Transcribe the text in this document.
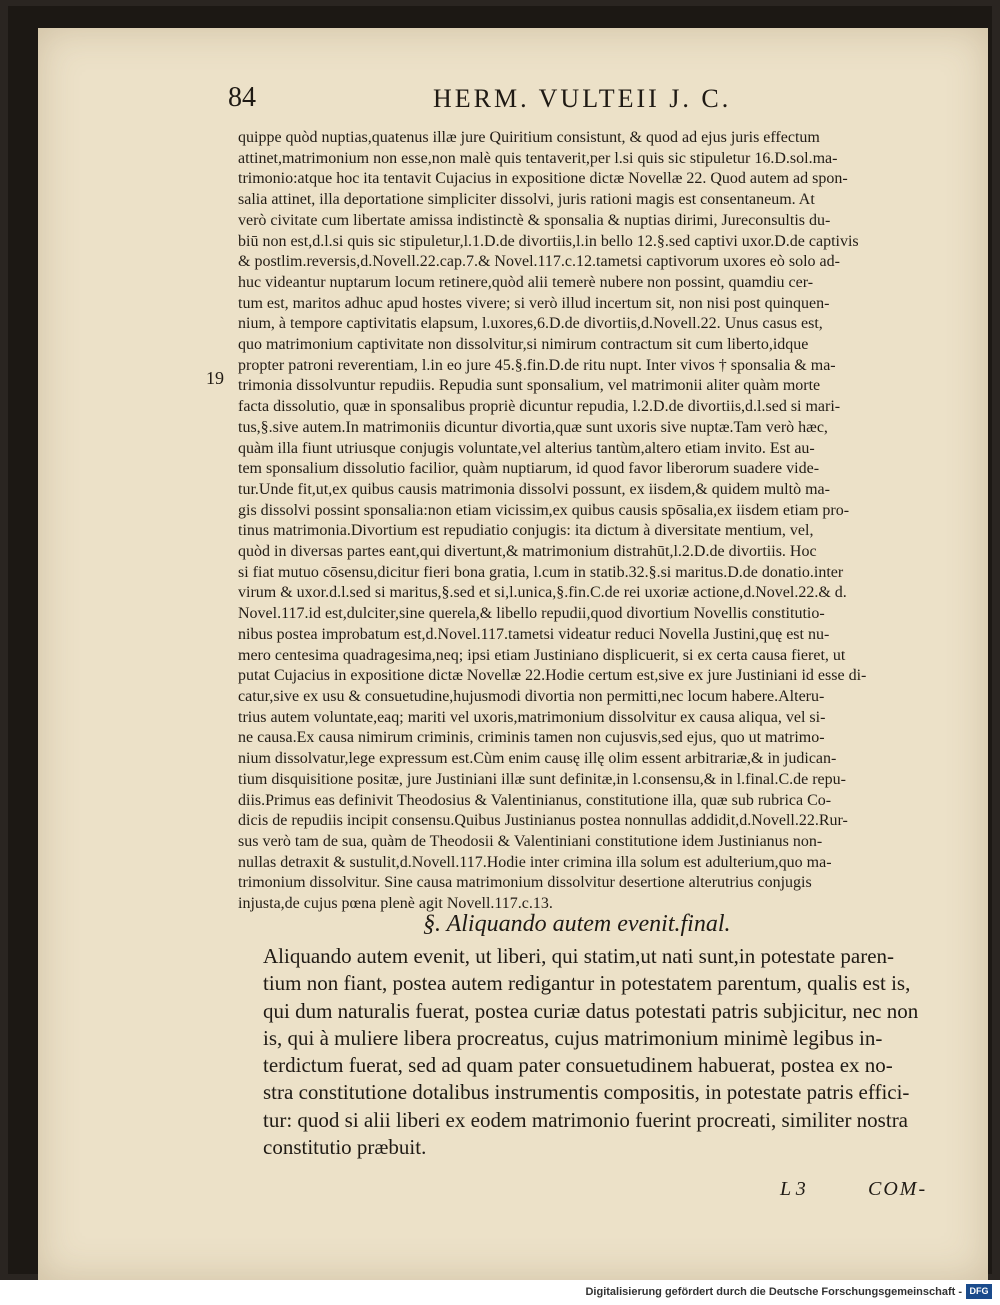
84	HERM. VULTEII J. C.
19
quippe quòd nuptias,quatenus illæ jure Quiritium consistunt, & quod ad ejus juris effectum
attinet,matrimonium non esse,non malè quis tentaverit,per l.si quis sic stipuletur 16.D.sol.ma-
trimonio:atque hoc ita tentavit Cujacius in expositione dictæ Novellæ 22. Quod autem ad spon-
salia attinet, illa deportatione simpliciter dissolvi, juris rationi magis est consentaneum. At
verò civitate cum libertate amissa indistinctè & sponsalia & nuptias dirimi, Jureconsultis du-
biū non est,d.l.si quis sic stipuletur,l.1.D.de divortiis,l.in bello 12.§.sed captivi uxor.D.de captivis
& postlim.reversis,d.Novell.22.cap.7.& Novel.117.c.12.tametsi captivorum uxores eò solo ad-
huc videantur nuptarum locum retinere,quòd alii temerè nubere non possint, quamdiu cer-
tum est, maritos adhuc apud hostes vivere; si verò illud incertum sit, non nisi post quinquen-
nium, à tempore captivitatis elapsum, l.uxores,6.D.de divortiis,d.Novell.22. Unus casus est,
quo matrimonium captivitate non dissolvitur,si nimirum contractum sit cum liberto,idque
propter patroni reverentiam, l.in eo jure 45.§.fin.D.de ritu nupt. Inter vivos † sponsalia & ma-
trimonia dissolvuntur repudiis. Repudia sunt sponsalium, vel matrimonii aliter quàm morte
facta dissolutio, quæ in sponsalibus propriè dicuntur repudia, l.2.D.de divortiis,d.l.sed si mari-
tus,§.sive autem.In matrimoniis dicuntur divortia,quæ sunt uxoris sive nuptæ.Tam verò hæc,
quàm illa fiunt utriusque conjugis voluntate,vel alterius tantùm,altero etiam invito. Est au-
tem sponsalium dissolutio facilior, quàm nuptiarum, id quod favor liberorum suadere vide-
tur.Unde fit,ut,ex quibus causis matrimonia dissolvi possunt, ex iisdem,& quidem multò ma-
gis dissolvi possint sponsalia:non etiam vicissim,ex quibus causis spōsalia,ex iisdem etiam pro-
tinus matrimonia.Divortium est repudiatio conjugis: ita dictum à diversitate mentium, vel,
quòd in diversas partes eant,qui divertunt,& matrimonium distrahūt,l.2.D.de divortiis. Hoc
si fiat mutuo cōsensu,dicitur fieri bona gratia, l.cum in statib.32.§.si maritus.D.de donatio.inter
virum & uxor.d.l.sed si maritus,§.sed et si,l.unica,§.fin.C.de rei uxoriæ actione,d.Novel.22.& d.
Novel.117.id est,dulciter,sine querela,& libello repudii,quod divortium Novellis constitutio-
nibus postea improbatum est,d.Novel.117.tametsi videatur reduci Novella Justini,quę est nu-
mero centesima quadragesima,neq; ipsi etiam Justiniano displicuerit, si ex certa causa fieret, ut
putat Cujacius in expositione dictæ Novellæ 22.Hodie certum est,sive ex jure Justiniani id esse di-
catur,sive ex usu & consuetudine,hujusmodi divortia non permitti,nec locum habere.Alteru-
trius autem voluntate,eaq; mariti vel uxoris,matrimonium dissolvitur ex causa aliqua, vel si-
ne causa.Ex causa nimirum criminis, criminis tamen non cujusvis,sed ejus, quo ut matrimo-
nium dissolvatur,lege expressum est.Cùm enim causę illę olim essent arbitrariæ,& in judican-
tium disquisitione positæ, jure Justiniani illæ sunt definitæ,in l.consensu,& in l.final.C.de repu-
diis.Primus eas definivit Theodosius & Valentinianus, constitutione illa, quæ sub rubrica Co-
dicis de repudiis incipit consensu.Quibus Justinianus postea nonnullas addidit,d.Novell.22.Rur-
sus verò tam de sua, quàm de Theodosii & Valentiniani constitutione idem Justinianus non-
nullas detraxit & sustulit,d.Novell.117.Hodie inter crimina illa solum est adulterium,quo ma-
trimonium dissolvitur. Sine causa matrimonium dissolvitur desertione alterutrius conjugis
injusta,de cujus pœna plenè agit Novell.117.c.13.
§. Aliquando autem evenit.final.
Aliquando autem evenit, ut liberi, qui statim,ut nati sunt,in potestate paren-
tium non fiant, postea autem redigantur in potestatem parentum, qualis est is,
qui dum naturalis fuerat, postea curiæ datus potestati patris subjicitur, nec non
is, qui à muliere libera procreatus, cujus matrimonium minimè legibus in-
terdictum fuerat, sed ad quam pater consuetudinem habuerat, postea ex no-
stra constitutione dotalibus instrumentis compositis, in potestate patris effici-
tur: quod si alii liberi ex eodem matrimonio fuerint procreati, similiter nostra
constitutio præbuit.
L 3	COM-
Digitalisierung gefördert durch die Deutsche Forschungsgemeinschaft - DFG
